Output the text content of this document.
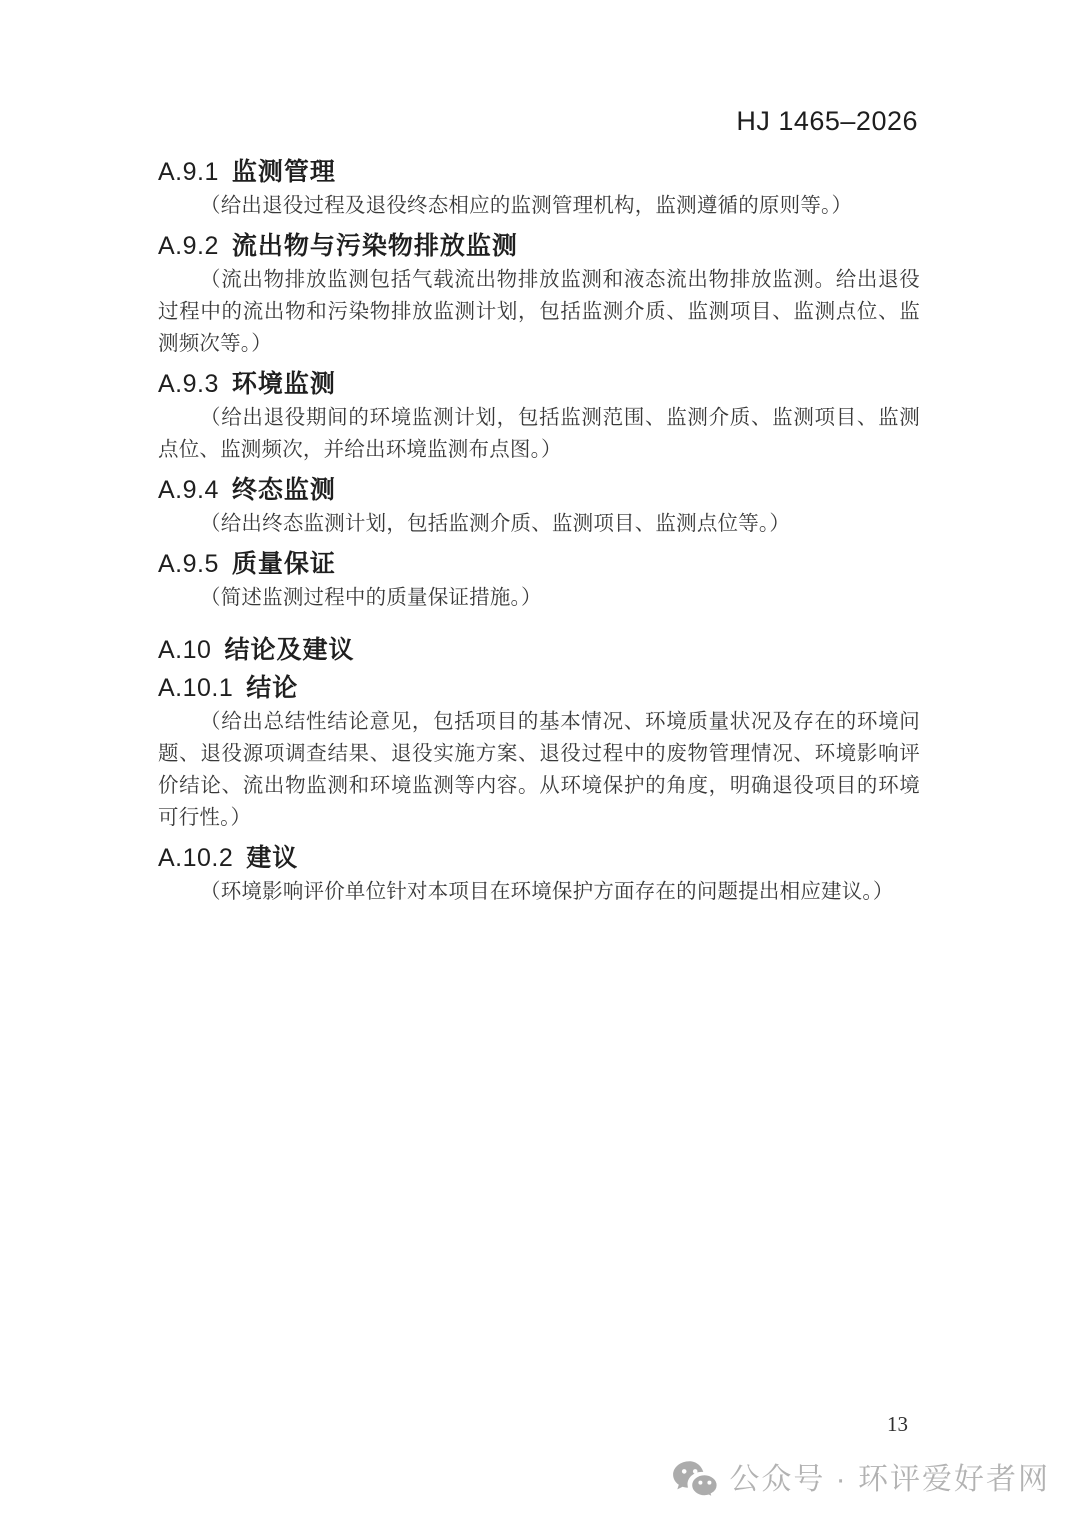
HJ 1465–2026
A.9.1 监测管理

（给出退役过程及退役终态相应的监测管理机构，监测遵循的原则等。）

A.9.2 流出物与污染物排放监测

（流出物排放监测包括气载流出物排放监测和液态流出物排放监测。给出退役过程中的流出物和污染物排放监测计划，包括监测介质、监测项目、监测点位、监测频次等。）

A.9.3 环境监测

（给出退役期间的环境监测计划，包括监测范围、监测介质、监测项目、监测点位、监测频次，并给出环境监测布点图。）

A.9.4 终态监测

（给出终态监测计划，包括监测介质、监测项目、监测点位等。）

A.9.5 质量保证

（简述监测过程中的质量保证措施。）

A.10 结论及建议
A.10.1 结论

（给出总结性结论意见，包括项目的基本情况、环境质量状况及存在的环境问题、退役源项调查结果、退役实施方案、退役过程中的废物管理情况、环境影响评价结论、流出物监测和环境监测等内容。从环境保护的角度，明确退役项目的环境可行性。）

A.10.2 建议

（环境影响评价单位针对本项目在环境保护方面存在的问题提出相应建议。）

13
公众号 · 环评爱好者网
